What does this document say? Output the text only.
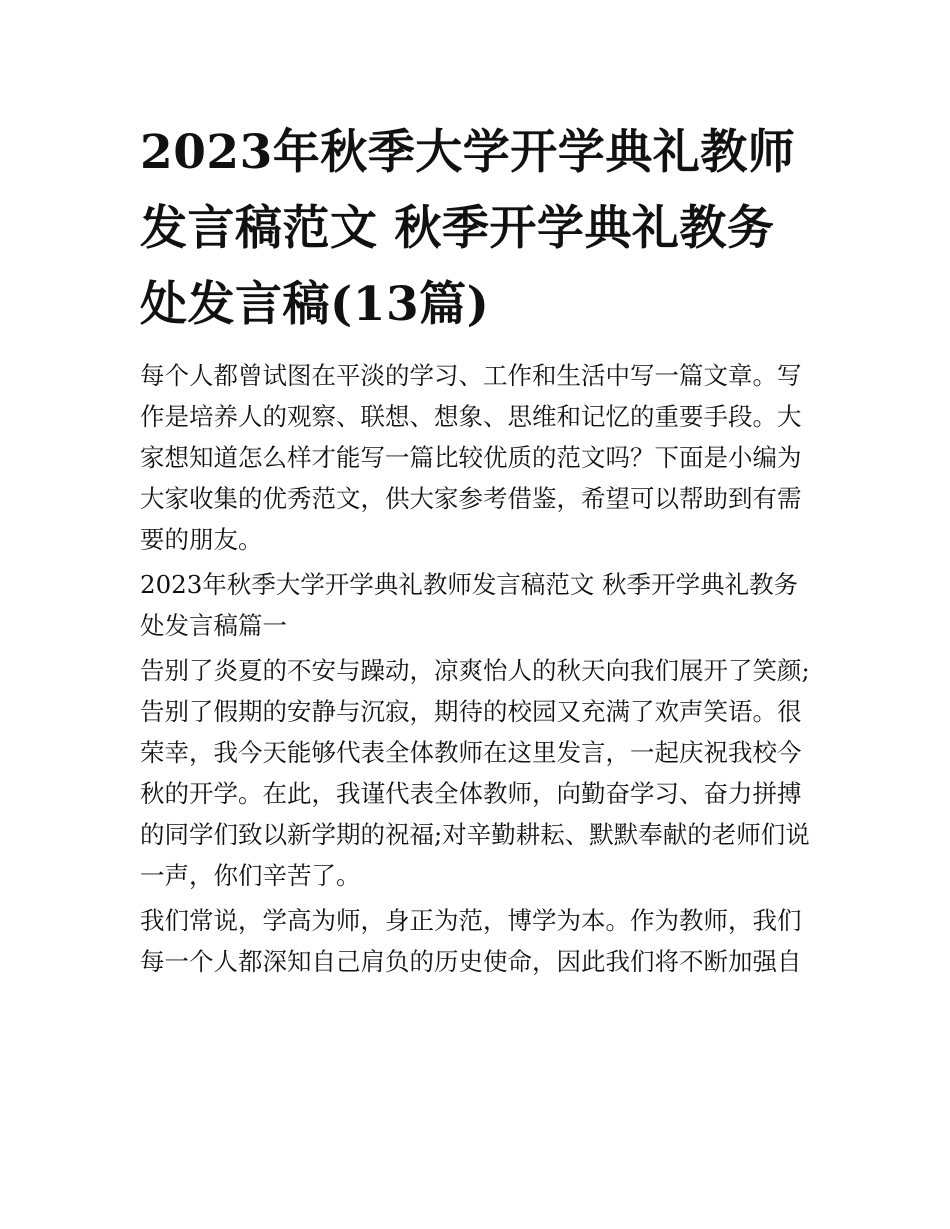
2023年秋季大学开学典礼教师发言稿范文 秋季开学典礼教务处发言稿(13篇)

每个人都曾试图在平淡的学习、工作和生活中写一篇文章。写作是培养人的观察、联想、想象、思维和记忆的重要手段。大家想知道怎么样才能写一篇比较优质的范文吗？下面是小编为大家收集的优秀范文，供大家参考借鉴，希望可以帮助到有需要的朋友。

2023年秋季大学开学典礼教师发言稿范文 秋季开学典礼教务处发言稿篇一

告别了炎夏的不安与躁动，凉爽怡人的秋天向我们展开了笑颜;告别了假期的安静与沉寂，期待的校园又充满了欢声笑语。很荣幸，我今天能够代表全体教师在这里发言，一起庆祝我校今秋的开学。在此，我谨代表全体教师，向勤奋学习、奋力拼搏的同学们致以新学期的祝福;对辛勤耕耘、默默奉献的老师们说一声，你们辛苦了。

我们常说，学高为师，身正为范，博学为本。作为教师，我们每一个人都深知自己肩负的历史使命，因此我们将不断加强自
